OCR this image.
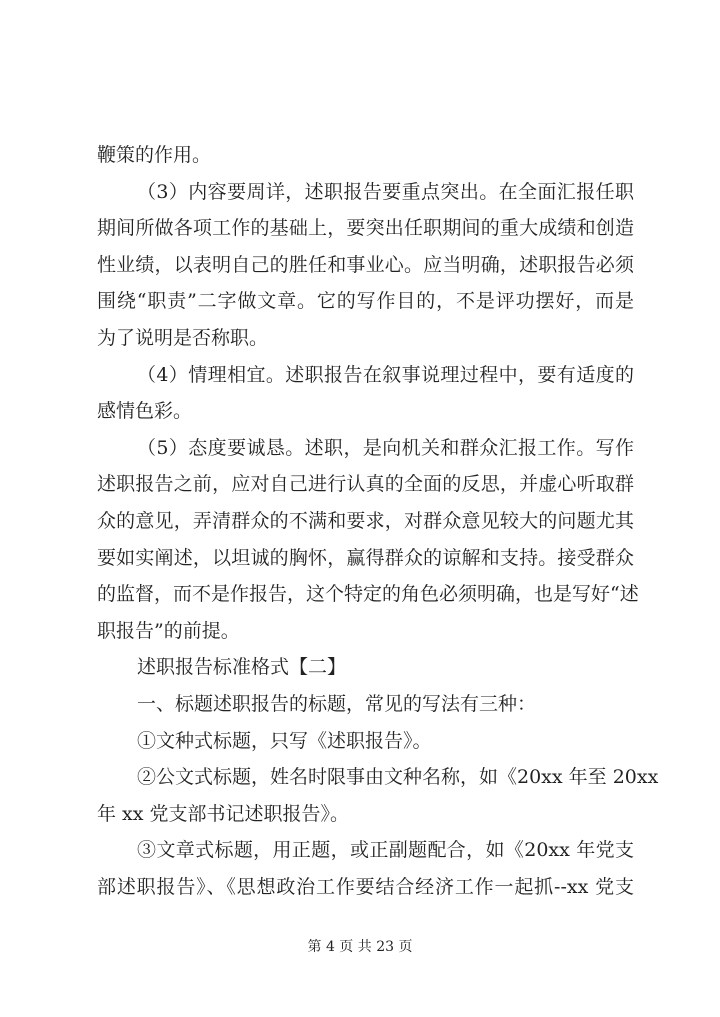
鞭策的作用。
（3）内容要周详，述职报告要重点突出。在全面汇报任职
期间所做各项工作的基础上，要突出任职期间的重大成绩和创造
性业绩，以表明自己的胜任和事业心。应当明确，述职报告必须
围绕“职责”二字做文章。它的写作目的，不是评功摆好，而是
为了说明是否称职。
（4）情理相宜。述职报告在叙事说理过程中，要有适度的
感情色彩。
（5）态度要诚恳。述职，是向机关和群众汇报工作。写作
述职报告之前，应对自己进行认真的全面的反思，并虚心听取群
众的意见，弄清群众的不满和要求，对群众意见较大的问题尤其
要如实阐述，以坦诚的胸怀，赢得群众的谅解和支持。接受群众
的监督，而不是作报告，这个特定的角色必须明确，也是写好“述
职报告”的前提。
述职报告标准格式【二】
一、标题述职报告的标题，常见的写法有三种：
①文种式标题，只写《述职报告》。
②公文式标题，姓名时限事由文种名称，如《20xx 年至 20xx
年 xx 党支部书记述职报告》。
③文章式标题，用正题，或正副题配合，如《20xx 年党支
部述职报告》、《思想政治工作要结合经济工作一起抓--xx 党支
第 4 页 共 23 页
